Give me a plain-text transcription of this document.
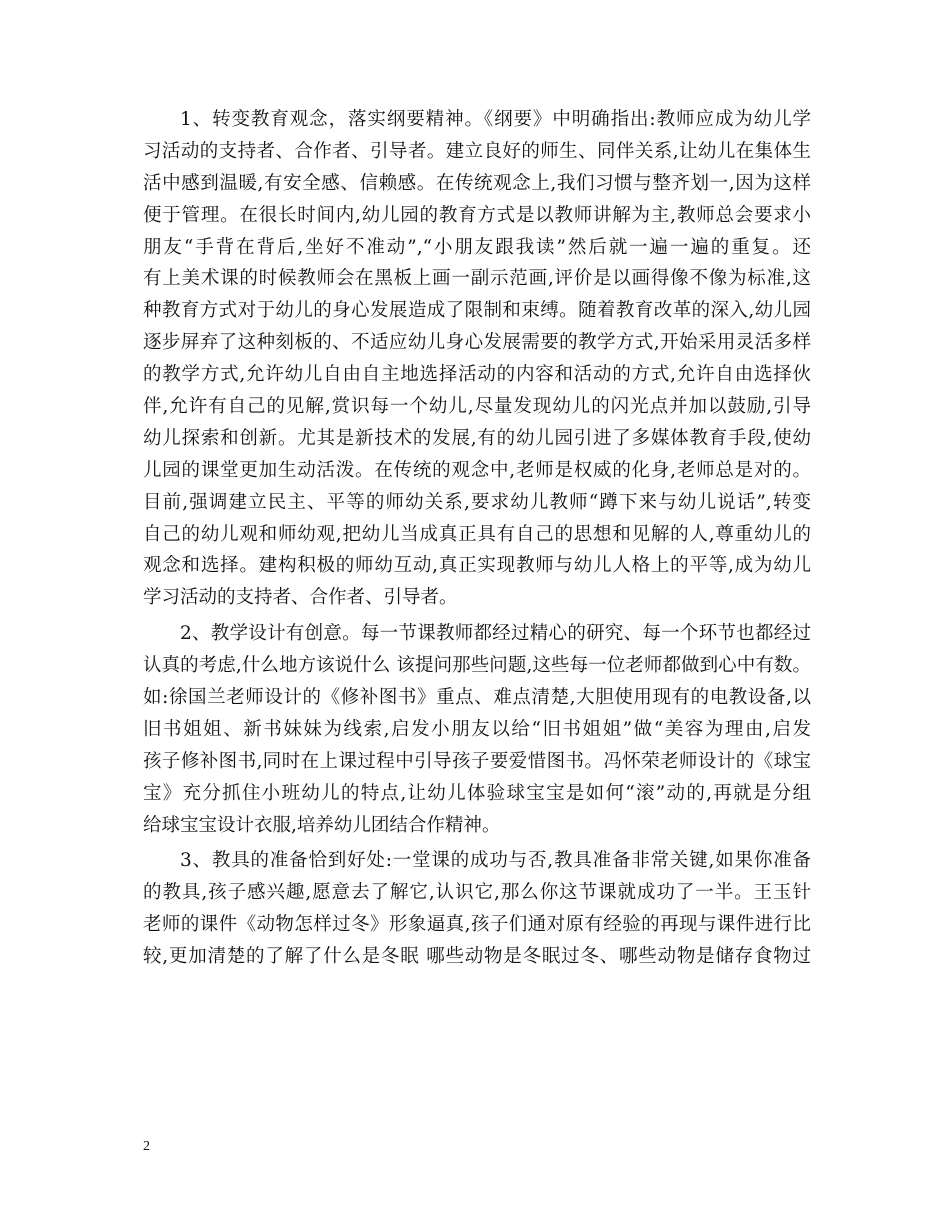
1、转变教育观念，落实纲要精神。《纲要》中明确指出:教师应成为幼儿学
习活动的支持者、合作者、引导者。建立良好的师生、同伴关系,让幼儿在集体生
活中感到温暖,有安全感、信赖感。在传统观念上,我们习惯与整齐划一,因为这样
便于管理。在很长时间内,幼儿园的教育方式是以教师讲解为主,教师总会要求小
朋友“手背在背后,坐好不准动”,“小朋友跟我读”然后就一遍一遍的重复。还
有上美术课的时候教师会在黑板上画一副示范画,评价是以画得像不像为标准,这
种教育方式对于幼儿的身心发展造成了限制和束缚。随着教育改革的深入,幼儿园
逐步屏弃了这种刻板的、不适应幼儿身心发展需要的教学方式,开始采用灵活多样
的教学方式,允许幼儿自由自主地选择活动的内容和活动的方式,允许自由选择伙
伴,允许有自己的见解,赏识每一个幼儿,尽量发现幼儿的闪光点并加以鼓励,引导
幼儿探索和创新。尤其是新技术的发展,有的幼儿园引进了多媒体教育手段,使幼
儿园的课堂更加生动活泼。在传统的观念中,老师是权威的化身,老师总是对的。
目前,强调建立民主、平等的师幼关系,要求幼儿教师“蹲下来与幼儿说话”,转变
自己的幼儿观和师幼观,把幼儿当成真正具有自己的思想和见解的人,尊重幼儿的
观念和选择。建构积极的师幼互动,真正实现教师与幼儿人格上的平等,成为幼儿
学习活动的支持者、合作者、引导者。
2、教学设计有创意。每一节课教师都经过精心的研究、每一个环节也都经过
认真的考虑,什么地方该说什么 该提问那些问题,这些每一位老师都做到心中有数。
如:徐国兰老师设计的《修补图书》重点、难点清楚,大胆使用现有的电教设备,以
旧书姐姐、新书妹妹为线索,启发小朋友以给“旧书姐姐”做“美容为理由,启发
孩子修补图书,同时在上课过程中引导孩子要爱惜图书。冯怀荣老师设计的《球宝
宝》充分抓住小班幼儿的特点,让幼儿体验球宝宝是如何“滚”动的,再就是分组
给球宝宝设计衣服,培养幼儿团结合作精神。
3、教具的准备恰到好处:一堂课的成功与否,教具准备非常关键,如果你准备
的教具,孩子感兴趣,愿意去了解它,认识它,那么你这节课就成功了一半。王玉针
老师的课件《动物怎样过冬》形象逼真,孩子们通对原有经验的再现与课件进行比
较,更加清楚的了解了什么是冬眠 哪些动物是冬眠过冬、哪些动物是储存食物过
2
